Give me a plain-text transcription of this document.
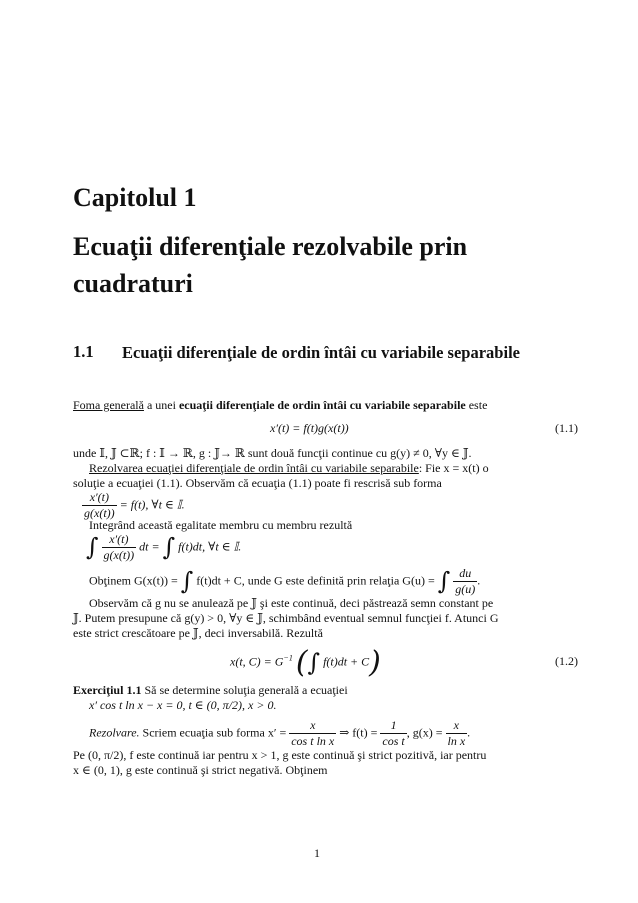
Capitolul 1
Ecuaţii diferenţiale rezolvabile prin cuadraturi
1.1 Ecuaţii diferenţiale de ordin întâi cu variabile separabile
Foma generală a unei ecuaţii diferenţiale de ordin întâi cu variabile separabile este
x′(t) = f(t)g(x(t))	(1.1)
unde 𝕀, 𝕁 ⊂ℝ; f : 𝕀 → ℝ, g : 𝕁→ ℝ sunt două funcţii continue cu g(y) ≠ 0, ∀y ∈ 𝕁.
Rezolvarea ecuaţiei diferenţiale de ordin întâi cu variabile separabile: Fie x = x(t) o
soluţie a ecuaţiei (1.1). Observăm că ecuaţia (1.1) poate fi rescrisă sub forma
$\frac{x'(t)}{g(x(t))} = f(t)$, ∀t ∈ 𝕀.
Integrând această egalitate membru cu membru rezultă
∫ $\frac{x'(t)}{g(x(t))}$ dt = ∫ f(t)dt, ∀t ∈ 𝕀.
Obţinem G(x(t)) = ∫ f(t)dt + C, unde G este definită prin relaţia G(u) = ∫ $\frac{du}{g(u)}$ .
Observăm că g nu se anulează pe 𝕁 şi este continuă, deci păstrează semn constant pe
𝕁. Putem presupune că g(y) > 0, ∀y ∈ 𝕁, schimbând eventual semnul funcţiei f. Atunci G
este strict crescătoare pe 𝕁, deci inversabilă. Rezultă
x(t, $C) = G^{-1}$ (∫ f(t)dt + C)	(1.2)
Exerciţiul 1.1 Să se determine soluţia generală a ecuaţiei
x′ cos t ln x − x = 0, t ∈ (0, π/2), x > 0.
Rezolvare. Scriem ecuaţia sub forma $x' = \frac{x}{\text{cos t ln x}}$ ⇒ $f(t) = \frac{1}{\text{cos t}}$ , $g(x) = \frac{x}{\text{ln x}}$ .
Pe (0, π/2), f este continuă iar pentru x > 1, g este continuă şi strict pozitivă, iar pentru
x ∈ (0, 1), g este continuă şi strict negativă. Obţinem
1
